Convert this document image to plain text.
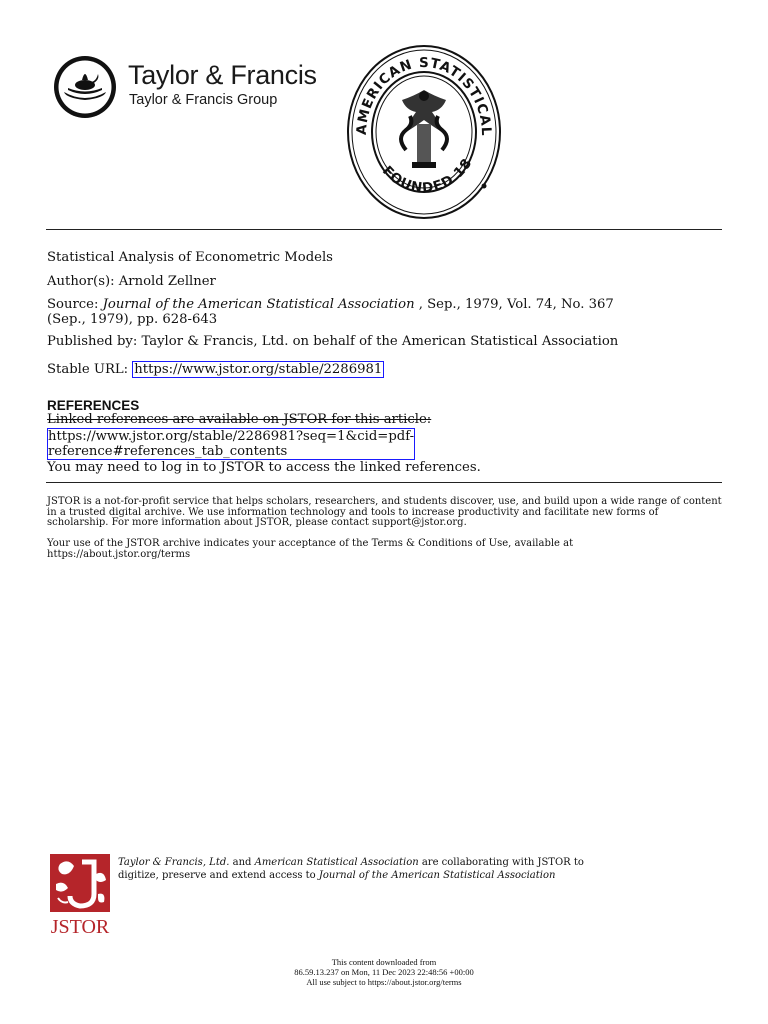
Taylor & Francis
Taylor & Francis Group
AMERICAN STATISTICAL
FOUNDED 18
Statistical Analysis of Econometric Models
Author(s): Arnold Zellner
Source: Journal of the American Statistical Association , Sep., 1979, Vol. 74, No. 367
(Sep., 1979), pp. 628-643
Published by: Taylor & Francis, Ltd. on behalf of the American Statistical Association
Stable URL: https://www.jstor.org/stable/2286981
REFERENCES
Linked references are available on JSTOR for this article:
https://www.jstor.org/stable/2286981?seq=1&cid=pdf-
reference#references_tab_contents
You may need to log in to JSTOR to access the linked references.
JSTOR is a not-for-profit service that helps scholars, researchers, and students discover, use, and build upon a wide range of content in a trusted digital archive. We use information technology and tools to increase productivity and facilitate new forms of scholarship. For more information about JSTOR, please contact support@jstor.org.
Your use of the JSTOR archive indicates your acceptance of the Terms & Conditions of Use, available at
https://about.jstor.org/terms
JSTOR
Taylor & Francis, Ltd. and American Statistical Association are collaborating with JSTOR to
digitize, preserve and extend access to Journal of the American Statistical Association
This content downloaded from
86.59.13.237 on Mon, 11 Dec 2023 22:48:56 +00:00
All use subject to https://about.jstor.org/terms
